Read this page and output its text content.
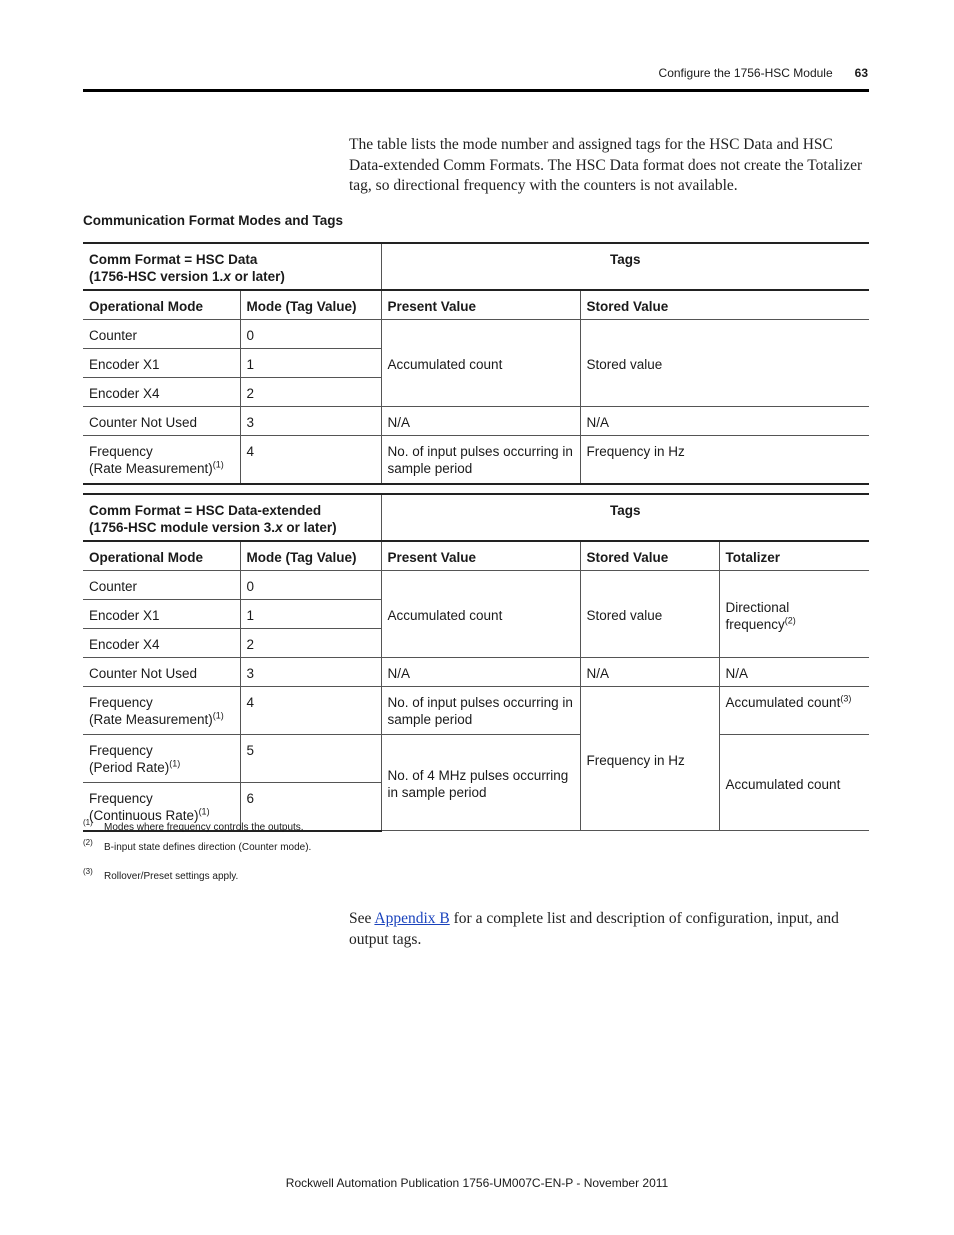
Configure the 1756-HSC Module 63

The table lists the mode number and assigned tags for the HSC Data and HSC Data-extended Comm Formats. The HSC Data format does not create the Totalizer tag, so directional frequency with the counters is not available.

Communication Format Modes and Tags
Comm Format = HSC Data
(1756-HSC version 1.x or later)		Tags	
Operational Mode	Mode (Tag Value)	Present Value	Stored Value
Counter	0	Accumulated count	Stored value
Encoder X1	1		
Encoder X4	2		
Counter Not Used	3	N/A	N/A
Frequency
(Rate Measurement)$^{(1)}$	4	No. of input pulses occurring in sample period	Frequency in Hz
Comm Format = HSC Data-extended
(1756-HSC module version 3.x or later)		Tags		
Operational Mode	Mode (Tag Value)	Present Value	Stored Value	Totalizer
Counter	0	Accumulated count	Stored value	Directional frequency$^{(2)}$
Encoder X1	1			
Encoder X4	2			
Counter Not Used	3	N/A	N/A	N/A
Frequency
(Rate Measurement)$^{(1)}$	4	No. of input pulses occurring in sample period	Frequency in Hz	Accumulated count$^{(3)}$
Frequency
(Period Rate)$^{(1)}$	5	No. of 4 MHz pulses occurring in sample period		Accumulated count
Frequency
(Continuous Rate)$^{(1)}$	6			
(1)	Modes where frequency controls the outputs.
(2)	B-input state defines direction (Counter mode).
(3)	Rollover/Preset settings apply.

See Appendix B for a complete list and description of configuration, input, and output tags.

Rockwell Automation Publication 1756-UM007C-EN-P - November 2011
